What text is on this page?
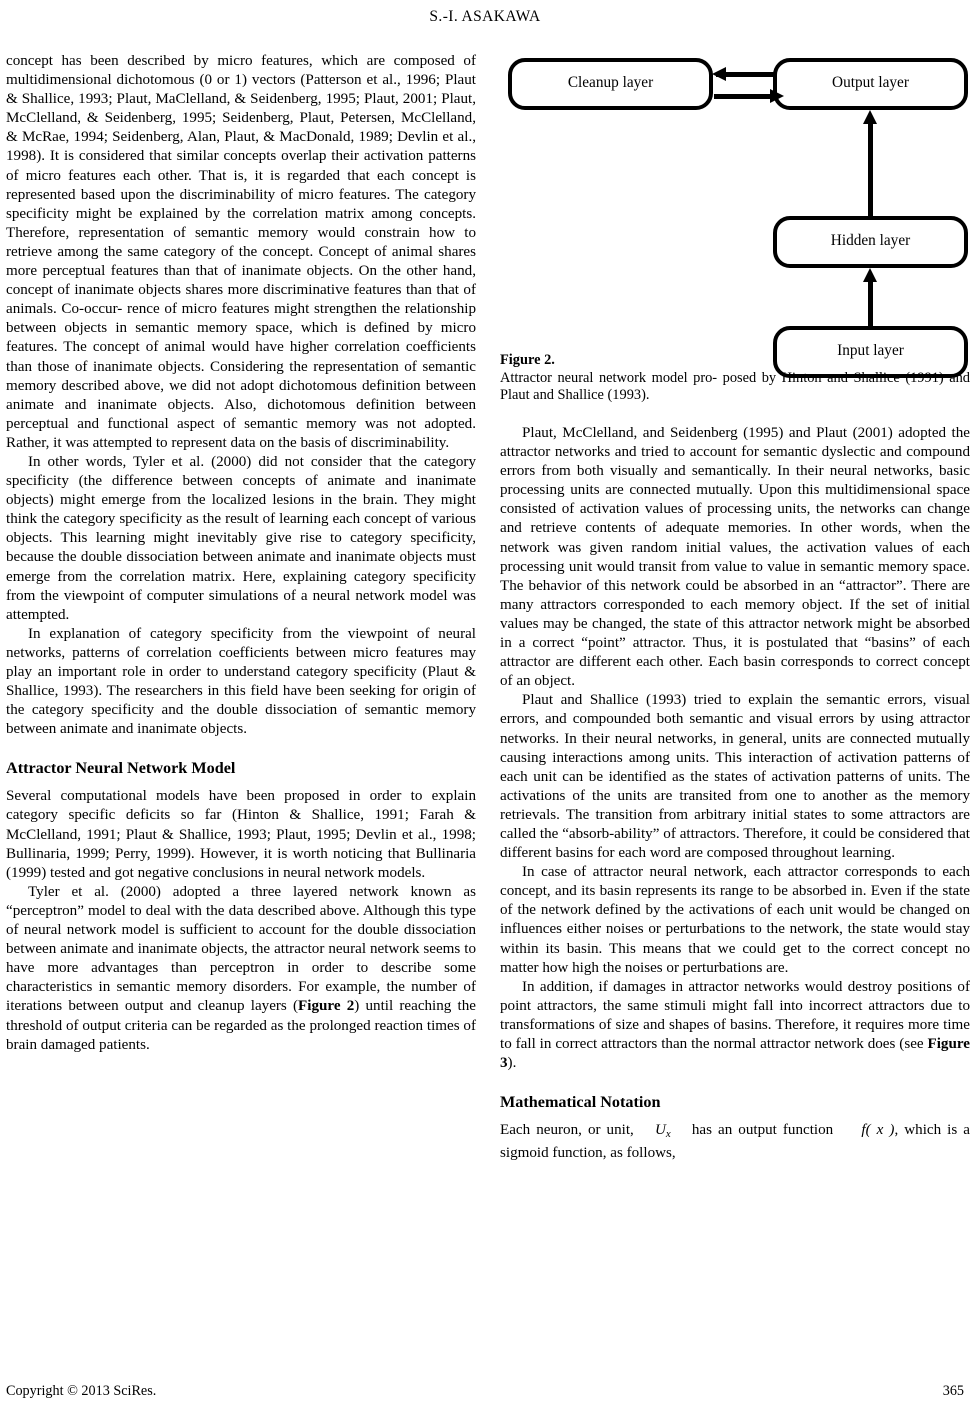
S.-I. ASAKAWA

concept has been described by micro features, which are composed of multidimensional dichotomous (0 or 1) vectors (Patterson et al., 1996; Plaut & Shallice, 1993; Plaut, MaClelland, & Seidenberg, 1995; Plaut, 2001; Plaut, McClelland, & Seidenberg, 1995; Seidenberg, Plaut, Petersen, McClelland, & McRae, 1994; Seidenberg, Alan, Plaut, & MacDonald, 1989; Devlin et al., 1998). It is considered that similar concepts overlap their activation patterns of micro features each other. That is, it is regarded that each concept is represented based upon the discriminability of micro features. The category specificity might be explained by the correlation matrix among concepts. Therefore, representation of semantic memory would constrain how to retrieve among the same category of the concept. Concept of animal shares more perceptual features than that of inanimate objects. On the other hand, concept of inanimate objects shares more discriminative features than that of animals. Co-occur- rence of micro features might strengthen the relationship between objects in semantic memory space, which is defined by micro features. The concept of animal would have higher correlation coefficients than those of inanimate objects. Considering the representation of semantic memory described above, we did not adopt dichotomous definition between animate and inanimate objects. Also, dichotomous definition between perceptual and functional aspect of semantic memory was not adopted. Rather, it was attempted to represent data on the basis of discriminability.

In other words, Tyler et al. (2000) did not consider that the category specificity (the difference between concepts of animate and inanimate objects) might emerge from the localized lesions in the brain. They might think the category specificity as the result of learning each concept of various objects. This learning might inevitably give rise to category specificity, because the double dissociation between animate and inanimate objects must emerge from the correlation matrix. Here, explaining category specificity from the viewpoint of computer simulations of a neural network model was attempted.

In explanation of category specificity from the viewpoint of neural networks, patterns of correlation coefficients between micro features may play an important role in order to understand category specificity (Plaut & Shallice, 1993). The researchers in this field have been seeking for origin of the category specificity and the double dissociation of semantic memory between animate and inanimate objects.

Attractor Neural Network Model

Several computational models have been proposed in order to explain category specific deficits so far (Hinton & Shallice, 1991; Farah & McClelland, 1991; Plaut & Shallice, 1993; Plaut, 1995; Devlin et al., 1998; Bullinaria, 1999; Perry, 1999). However, it is worth noticing that Bullinaria (1999) tested and got negative conclusions in neural network models.

Tyler et al. (2000) adopted a three layered network known as “perceptron” model to deal with the data described above. Although this type of neural network model is sufficient to account for the double dissociation between animate and inanimate objects, the attractor neural network seems to have more advantages than perceptron in order to describe some characteristics in semantic memory disorders. For example, the number of iterations between output and cleanup layers (Figure 2) until reaching the threshold of output criteria can be regarded as the prolonged reaction times of brain damaged patients.

Cleanup layer	Output layer
Hidden layer
Input layer
Figure 2.
Attractor neural network model pro- posed by Hinton and Shallice (1991) and Plaut and Shallice (1993).

Plaut, McClelland, and Seidenberg (1995) and Plaut (2001) adopted the attractor networks and tried to account for semantic dyslectic and compound errors from both visually and semantically. In their neural networks, basic processing units are connected mutually. Upon this multidimensional space consisted of activation values of processing units, the networks can change and retrieve contents of adequate memories. In other words, when the network was given random initial values, the activation values of each processing unit would transit from value to value in semantic memory space. The behavior of this network could be absorbed in an “attractor”. There are many attractors corresponded to each memory object. If the set of initial values may be changed, the state of this attractor network might be absorbed in a correct “point” attractor. Thus, it is postulated that “basins” of each attractor are different each other. Each basin corresponds to correct concept of an object.

Plaut and Shallice (1993) tried to explain the semantic errors, visual errors, and compounded both semantic and visual errors by using attractor networks. In their neural networks, in general, units are connected mutually causing interactions among units. This interaction of activation patterns of each unit can be identified as the states of activation patterns of units. The activations of the units are transited from one to another as the memory retrievals. The transition from arbitrary initial states to some attractors are called the “absorb-ability” of attractors. Therefore, it could be considered that different basins for each word are composed throughout learning.

In case of attractor neural network, each attractor corresponds to each concept, and its basin represents its range to be absorbed in. Even if the state of the network defined by the activations of each unit would be changed on influences either noises or perturbations to the network, the state would stay within its basin. This means that we could get to the correct concept no matter how high the noises or perturbations are.

In addition, if damages in attractor networks would destroy positions of point attractors, the same stimuli might fall into incorrect attractors due to transformations of size and shapes of basins. Therefore, it requires more time to fall in correct attractors than the normal attractor network does (see Figure 3).

Mathematical Notation

Each neuron, or unit, $U_x$ has an output function f( x ), which is a sigmoid function, as follows,

Copyright © 2013 SciRes.	365
